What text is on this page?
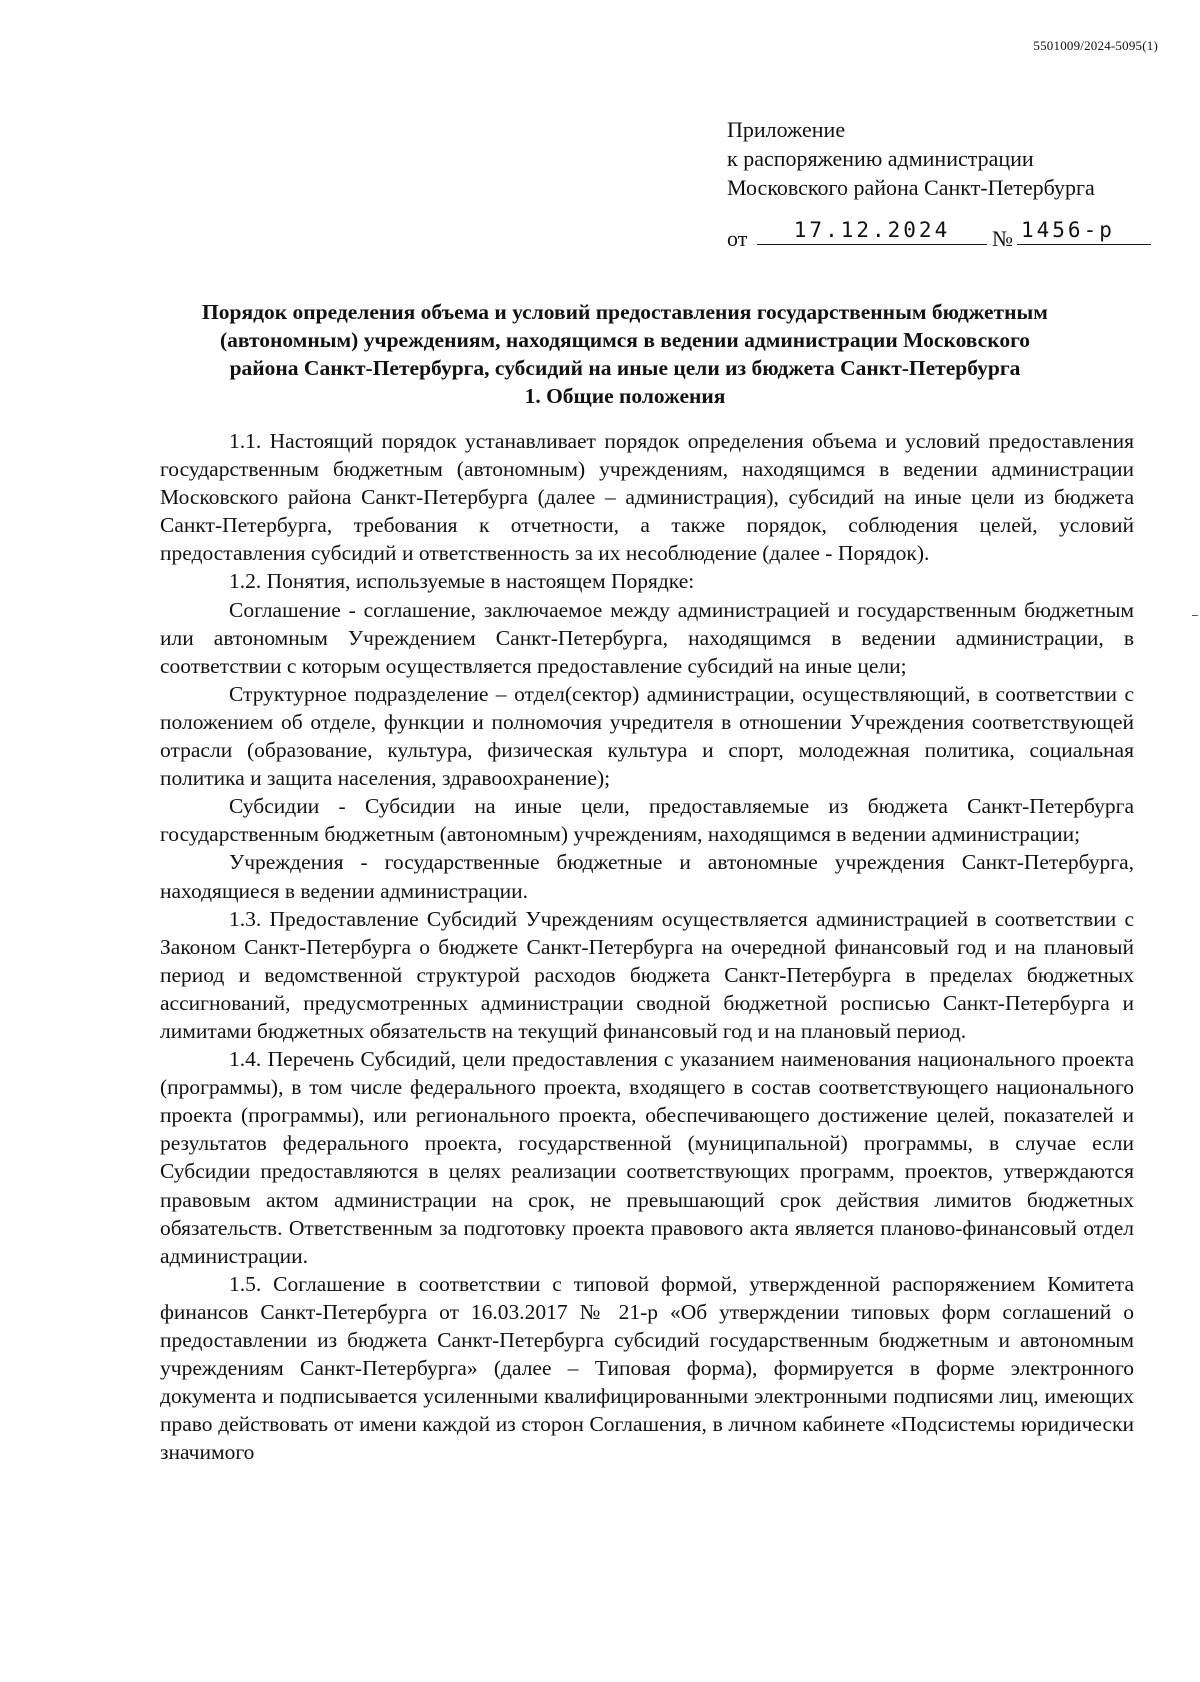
5501009/2024-5095(1)
Приложение
к распоряжению администрации
Московского района Санкт-Петербурга
от	17.12.2024	№ 1456-р
Порядок определения объема и условий предоставления государственным бюджетным
(автономным) учреждениям, находящимся в ведении администрации Московского
района Санкт-Петербурга, субсидий на иные цели из бюджета Санкт-Петербурга
1. Общие положения

1.1. Настоящий порядок устанавливает порядок определения объема и условий предоставления государственным бюджетным (автономным) учреждениям, находящимся в ведении администрации Московского района Санкт-Петербурга (далее – администрация), субсидий на иные цели из бюджета Санкт-Петербурга, требования к отчетности, а также порядок, соблюдения целей, условий предоставления субсидий и ответственность за их несоблюдение (далее - Порядок).

1.2. Понятия, используемые в настоящем Порядке:

Соглашение - соглашение, заключаемое между администрацией и государственным бюджетным или автономным Учреждением Санкт-Петербурга, находящимся в ведении администрации, в соответствии с которым осуществляется предоставление субсидий на иные цели;

Структурное подразделение – отдел(сектор) администрации, осуществляющий, в соответствии с положением об отделе, функции и полномочия учредителя в отношении Учреждения соответствующей отрасли (образование, культура, физическая культура и спорт, молодежная политика, социальная политика и защита населения, здравоохранение);

Субсидии - Субсидии на иные цели, предоставляемые из бюджета Санкт-Петербурга государственным бюджетным (автономным) учреждениям, находящимся в ведении администрации;

Учреждения - государственные бюджетные и автономные учреждения Санкт-Петербурга, находящиеся в ведении администрации.

1.3. Предоставление Субсидий Учреждениям осуществляется администрацией в соответствии с Законом Санкт-Петербурга о бюджете Санкт-Петербурга на очередной финансовый год и на плановый период и ведомственной структурой расходов бюджета Санкт-Петербурга в пределах бюджетных ассигнований, предусмотренных администрации сводной бюджетной росписью Санкт-Петербурга и лимитами бюджетных обязательств на текущий финансовый год и на плановый период.

1.4. Перечень Субсидий, цели предоставления с указанием наименования национального проекта (программы), в том числе федерального проекта, входящего в состав соответствующего национального проекта (программы), или регионального проекта, обеспечивающего достижение целей, показателей и результатов федерального проекта, государственной (муниципальной) программы, в случае если Субсидии предоставляются в целях реализации соответствующих программ, проектов, утверждаются правовым актом администрации на срок, не превышающий срок действия лимитов бюджетных обязательств. Ответственным за подготовку проекта правового акта является планово-финансовый отдел администрации.

1.5. Соглашение в соответствии с типовой формой, утвержденной распоряжением Комитета финансов Санкт-Петербурга от 16.03.2017 № 21-р «Об утверждении типовых форм соглашений о предоставлении из бюджета Санкт-Петербурга субсидий государственным бюджетным и автономным учреждениям Санкт-Петербурга» (далее – Типовая форма), формируется в форме электронного документа и подписывается усиленными квалифицированными электронными подписями лиц, имеющих право действовать от имени каждой из сторон Соглашения, в личном кабинете «Подсистемы юридически значимого
